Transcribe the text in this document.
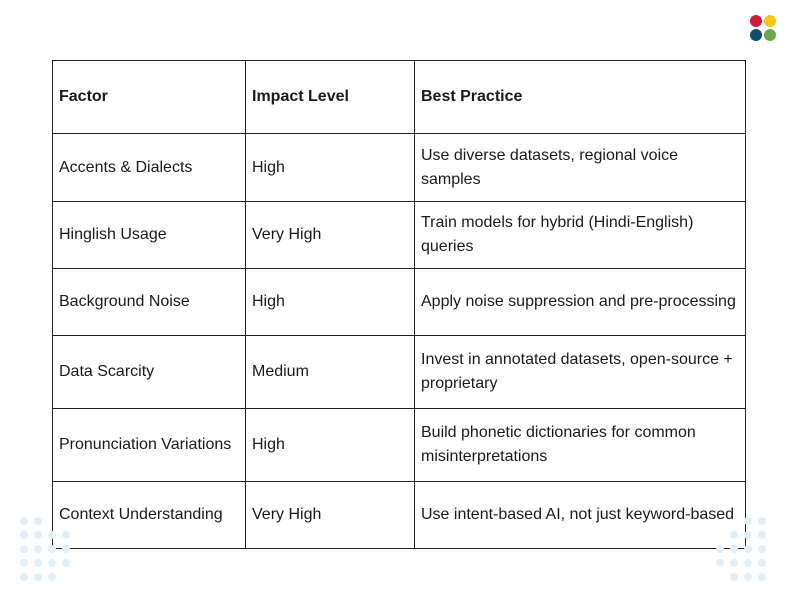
Factor	Impact Level	Best Practice
Accents & Dialects	High	Use diverse datasets, regional voice samples
Hinglish Usage	Very High	Train models for hybrid (Hindi-English) queries
Background Noise	High	Apply noise suppression and pre-processing
Data Scarcity	Medium	Invest in annotated datasets, open-source + proprietary
Pronunciation Variations	High	Build phonetic dictionaries for common misinterpretations
Context Understanding	Very High	Use intent-based AI, not just keyword-based
